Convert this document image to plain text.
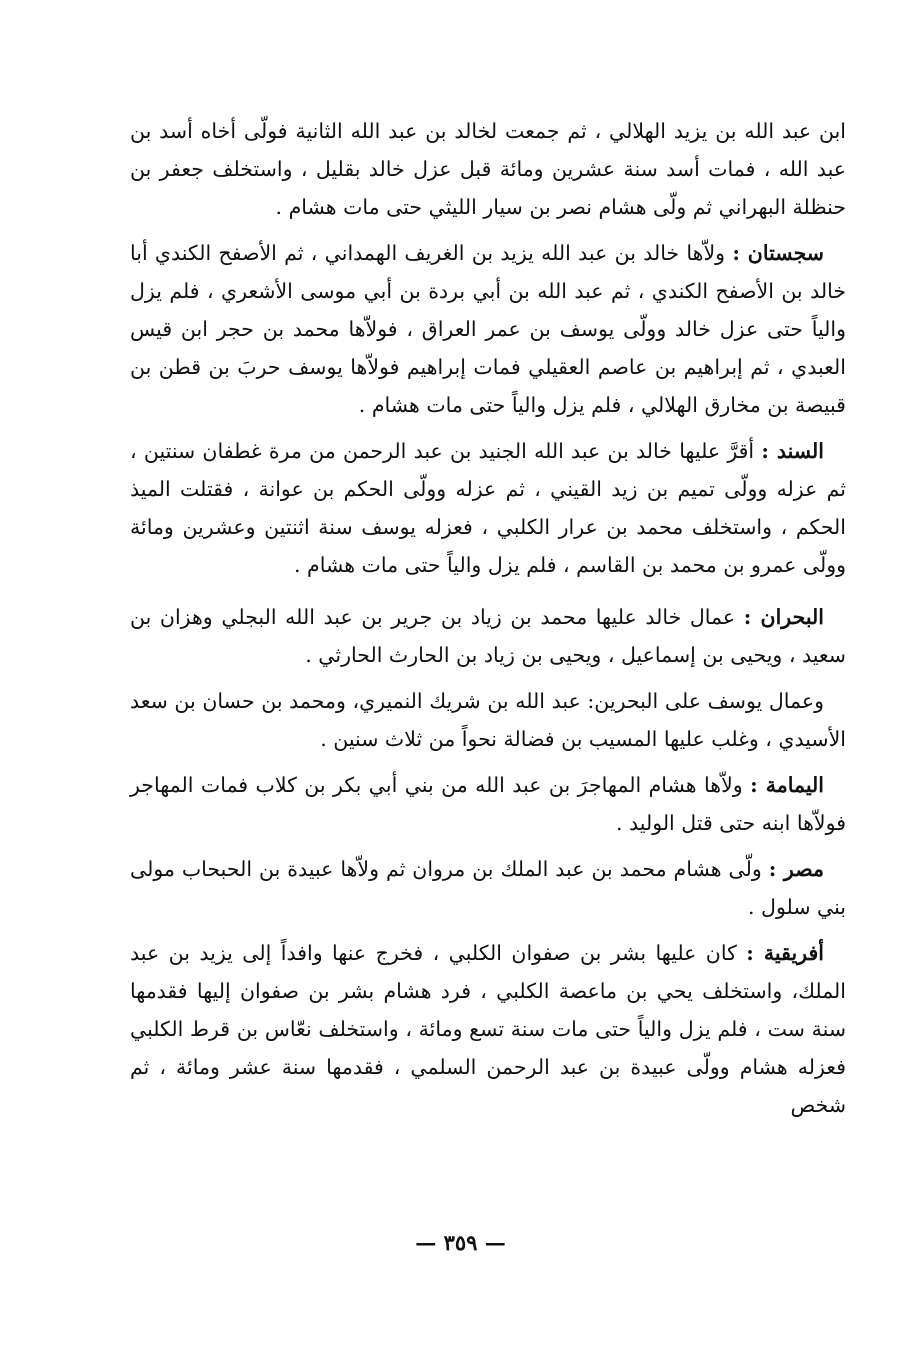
ابن عبد الله بن يزيد الهلالي ، ثم جمعت لخالد بن عبد الله الثانية فولّى أخاه أسد بن عبد الله ، فمات أسد سنة عشرين ومائة قبل عزل خالد بقليل ، واستخلف جعفر بن حنظلة البهراني ثم ولّى هشام نصر بن سيار الليثي حتى مات هشام .

سجستان : ولاّها خالد بن عبد الله يزيد بن الغريف الهمداني ، ثم الأصفح الكندي أبا خالد بن الأصفح الكندي ، ثم عبد الله بن أبي بردة بن أبي موسى الأشعري ، فلم يزل والياً حتى عزل خالد وولّى يوسف بن عمر العراق ، فولاّها محمد بن حجر ابن قيس العبدي ، ثم إبراهيم بن عاصم العقيلي فمات إبراهيم فولاّها يوسف حربَ بن قطن بن قبيصة بن مخارق الهلالي ، فلم يزل والياً حتى مات هشام .

السند : أقرَّ عليها خالد بن عبد الله الجنيد بن عبد الرحمن من مرة غطفان سنتين ، ثم عزله وولّى تميم بن زيد القيني ، ثم عزله وولّى الحكم بن عوانة ، فقتلت الميذ الحكم ، واستخلف محمد بن عرار الكلبي ، فعزله يوسف سنة اثنتين وعشرين ومائة وولّى عمرو بن محمد بن القاسم ، فلم يزل والياً حتى مات هشام .

البحران : عمال خالد عليها محمد بن زياد بن جرير بن عبد الله البجلي وهزان بن سعيد ، ويحيى بن إسماعيل ، ويحيى بن زياد بن الحارث الحارثي .

وعمال يوسف على البحرين: عبد الله بن شريك النميري، ومحمد بن حسان بن سعد الأسيدي ، وغلب عليها المسيب بن فضالة نحواً من ثلاث سنين .

اليمامة : ولاّها هشام المهاجرَ بن عبد الله من بني أبي بكر بن كلاب فمات المهاجر فولاّها ابنه حتى قتل الوليد .

مصر : ولّى هشام محمد بن عبد الملك بن مروان ثم ولاّها عبيدة بن الحبحاب مولى بني سلول .

أفريقية : كان عليها بشر بن صفوان الكلبي ، فخرج عنها وافداً إلى يزيد بن عبد الملك، واستخلف يحي بن ماعصة الكلبي ، فرد هشام بشر بن صفوان إليها فقدمها سنة ست ، فلم يزل والياً حتى مات سنة تسع ومائة ، واستخلف نعّاس بن قرط الكلبي فعزله هشام وولّى عبيدة بن عبد الرحمن السلمي ، فقدمها سنة عشر ومائة ، ثم شخص

— ٣٥٩ —
